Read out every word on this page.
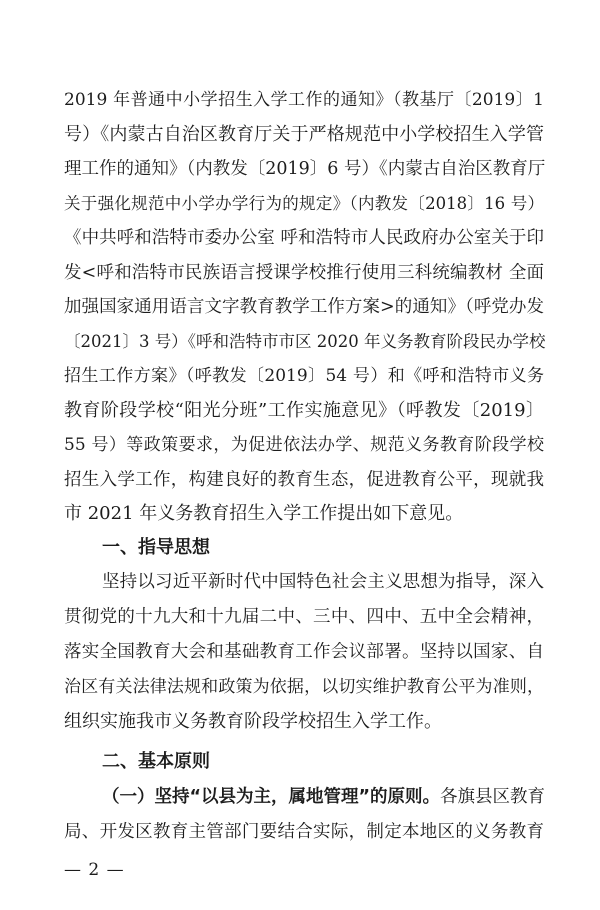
2019 年普通中小学招生入学工作的通知》（教基厅〔2019〕1
号）《内蒙古自治区教育厅关于严格规范中小学校招生入学管
理工作的通知》（内教发〔2019〕6 号）《内蒙古自治区教育厅
关于强化规范中小学办学行为的规定》（内教发〔2018〕16 号）
《中共呼和浩特市委办公室 呼和浩特市人民政府办公室关于印
发<呼和浩特市民族语言授课学校推行使用三科统编教材 全面
加强国家通用语言文字教育教学工作方案>的通知》（呼党办发
〔2021〕3 号）《呼和浩特市市区 2020 年义务教育阶段民办学校
招生工作方案》（呼教发〔2019〕54 号）和《呼和浩特市义务
教育阶段学校“阳光分班”工作实施意见》（呼教发〔2019〕
55 号）等政策要求，为促进依法办学、规范义务教育阶段学校
招生入学工作，构建良好的教育生态，促进教育公平，现就我
市 2021 年义务教育招生入学工作提出如下意见。
一、指导思想
坚持以习近平新时代中国特色社会主义思想为指导，深入
贯彻党的十九大和十九届二中、三中、四中、五中全会精神，
落实全国教育大会和基础教育工作会议部署。坚持以国家、自
治区有关法律法规和政策为依据，以切实维护教育公平为准则，
组织实施我市义务教育阶段学校招生入学工作。
— 2 —
二、基本原则
（一）坚持“以县为主，属地管理”的原则。各旗县区教育
局、开发区教育主管部门要结合实际，制定本地区的义务教育
